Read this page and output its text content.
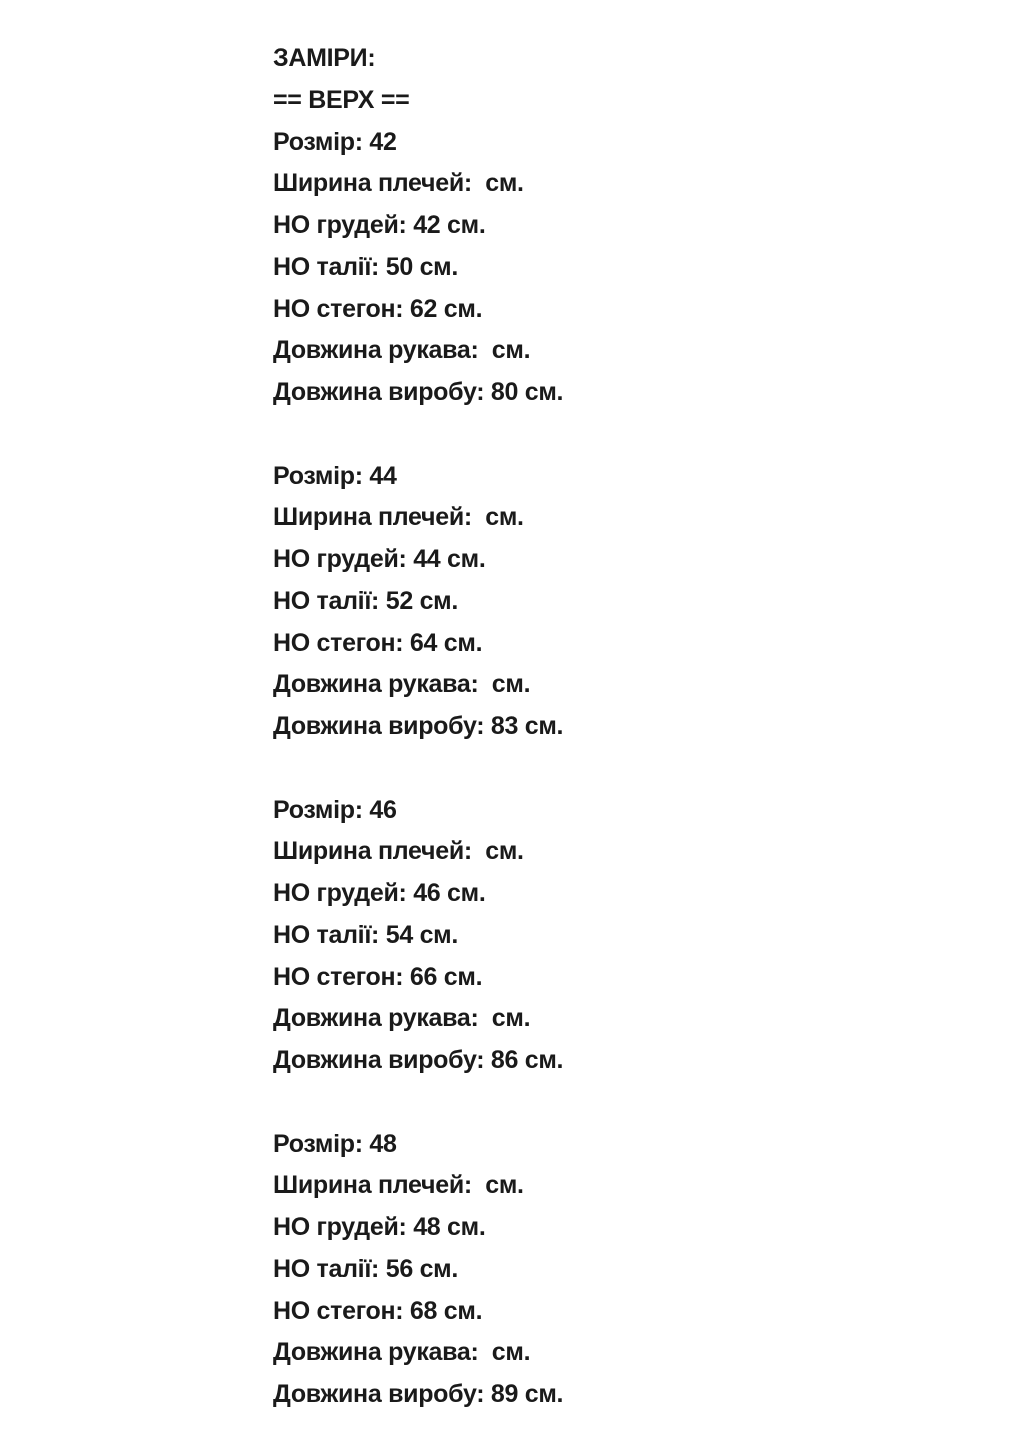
ЗАМІРИ:
== ВЕРХ ==
Розмір: 42
Ширина плечей:  см.
НО грудей: 42 см.
НО талії: 50 см.
НО стегон: 62 см.
Довжина рукава:  см.
Довжина виробу: 80 см.
Розмір: 44
Ширина плечей:  см.
НО грудей: 44 см.
НО талії: 52 см.
НО стегон: 64 см.
Довжина рукава:  см.
Довжина виробу: 83 см.
Розмір: 46
Ширина плечей:  см.
НО грудей: 46 см.
НО талії: 54 см.
НО стегон: 66 см.
Довжина рукава:  см.
Довжина виробу: 86 см.
Розмір: 48
Ширина плечей:  см.
НО грудей: 48 см.
НО талії: 56 см.
НО стегон: 68 см.
Довжина рукава:  см.
Довжина виробу: 89 см.
